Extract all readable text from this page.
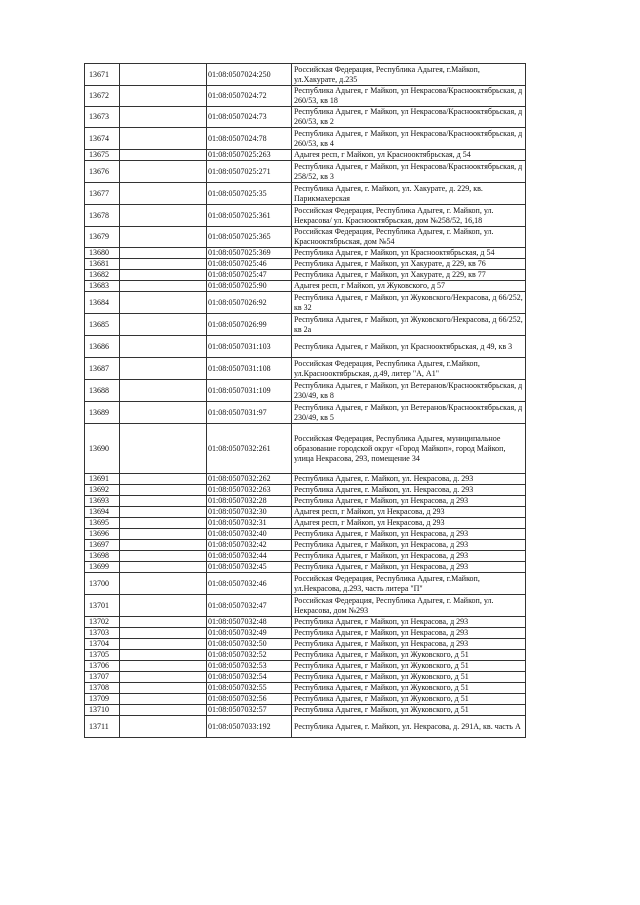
13671		01:08:0507024:250	Российская Федерация, Республика Адыгея, г.Майкоп, ул.Хакурате, д.235
13672		01:08:0507024:72	Республика Адыгея, г Майкоп, ул Некрасова/Краснооктябрьская, д 260/53, кв 18
13673		01:08:0507024:73	Республика Адыгея, г Майкоп, ул Некрасова/Краснооктябрьская, д 260/53, кв 2
13674		01:08:0507024:78	Республика Адыгея, г Майкоп, ул Некрасова/Краснооктябрьская, д 260/53, кв 4
13675		01:08:0507025:263	Адыгея респ, г Майкоп, ул Краснооктябрьская, д 54
13676		01:08:0507025:271	Республика Адыгея, г Майкоп, ул Некрасова/Краснооктябрьская, д 258/52, кв 3
13677		01:08:0507025:35	Республика Адыгея, г. Майкоп, ул. Хакурате, д. 229, кв. Парикмахерская
13678		01:08:0507025:361	Российская Федерация, Республика Адыгея, г. Майкоп, ул. Некрасова/ ул. Краснооктябрьская, дом №258/52, 16,18
13679		01:08:0507025:365	Российская Федерация, Республика Адыгея, г. Майкоп, ул. Краснооктябрьская, дом №54
13680		01:08:0507025:369	Республика Адыгея, г Майкоп, ул Краснооктябрьская, д 54
13681		01:08:0507025:46	Республика Адыгея, г Майкоп, ул Хакурате, д 229, кв 76
13682		01:08:0507025:47	Республика Адыгея, г Майкоп, ул Хакурате, д 229, кв 77
13683		01:08:0507025:90	Адыгея респ, г Майкоп, ул Жуковского, д 57
13684		01:08:0507026:92	Республика Адыгея, г Майкоп, ул Жуковского/Некрасова, д 66/252, кв 32
13685		01:08:0507026:99	Республика Адыгея, г Майкоп, ул Жуковского/Некрасова, д 66/252, кв 2а
13686		01:08:0507031:103	Республика Адыгея, г Майкоп, ул Краснооктябрьская, д 49, кв 3
13687		01:08:0507031:108	Российская Федерация, Республика Адыгея, г.Майкоп, ул.Краснооктябрьская, д.49, литер "А, А1"
13688		01:08:0507031:109	Республика Адыгея, г Майкоп, ул Ветеранов/Краснооктябрьская, д 230/49, кв 8
13689		01:08:0507031:97	Республика Адыгея, г Майкоп, ул Ветеранов/Краснооктябрьская, д 230/49, кв 5
13690		01:08:0507032:261	Российская Федерация, Республика Адыгея, муниципальное образование городской округ «Город Майкоп», город Майкоп, улица Некрасова, 293, помещение 34
13691		01:08:0507032:262	Республика Адыгея, г. Майкоп, ул. Некрасова, д. 293
13692		01:08:0507032:263	Республика Адыгея, г. Майкоп, ул. Некрасова, д. 293
13693		01:08:0507032:28	Республика Адыгея, г Майкоп, ул Некрасова, д 293
13694		01:08:0507032:30	Адыгея респ, г Майкоп, ул Некрасова, д 293
13695		01:08:0507032:31	Адыгея респ, г Майкоп, ул Некрасова, д 293
13696		01:08:0507032:40	Республика Адыгея, г Майкоп, ул Некрасова, д 293
13697		01:08:0507032:42	Республика Адыгея, г Майкоп, ул Некрасова, д 293
13698		01:08:0507032:44	Республика Адыгея, г Майкоп, ул Некрасова, д 293
13699		01:08:0507032:45	Республика Адыгея, г Майкоп, ул Некрасова, д 293
13700		01:08:0507032:46	Российская Федерация, Республика Адыгея, г.Майкоп, ул.Некрасова, д.293, часть литера "П"
13701		01:08:0507032:47	Российская Федерация, Республика Адыгея, г. Майкоп, ул. Некрасова, дом №293
13702		01:08:0507032:48	Республика Адыгея, г Майкоп, ул Некрасова, д 293
13703		01:08:0507032:49	Республика Адыгея, г Майкоп, ул Некрасова, д 293
13704		01:08:0507032:50	Республика Адыгея, г Майкоп, ул Некрасова, д 293
13705		01:08:0507032:52	Республика Адыгея, г Майкоп, ул Жуковского, д 51
13706		01:08:0507032:53	Республика Адыгея, г Майкоп, ул Жуковского, д 51
13707		01:08:0507032:54	Республика Адыгея, г Майкоп, ул Жуковского, д 51
13708		01:08:0507032:55	Республика Адыгея, г Майкоп, ул Жуковского, д 51
13709		01:08:0507032:56	Республика Адыгея, г Майкоп, ул Жуковского, д 51
13710		01:08:0507032:57	Республика Адыгея, г Майкоп, ул Жуковского, д 51
13711		01:08:0507033:192	Республика Адыгея, г. Майкоп, ул. Некрасова, д. 291А, кв. часть А
